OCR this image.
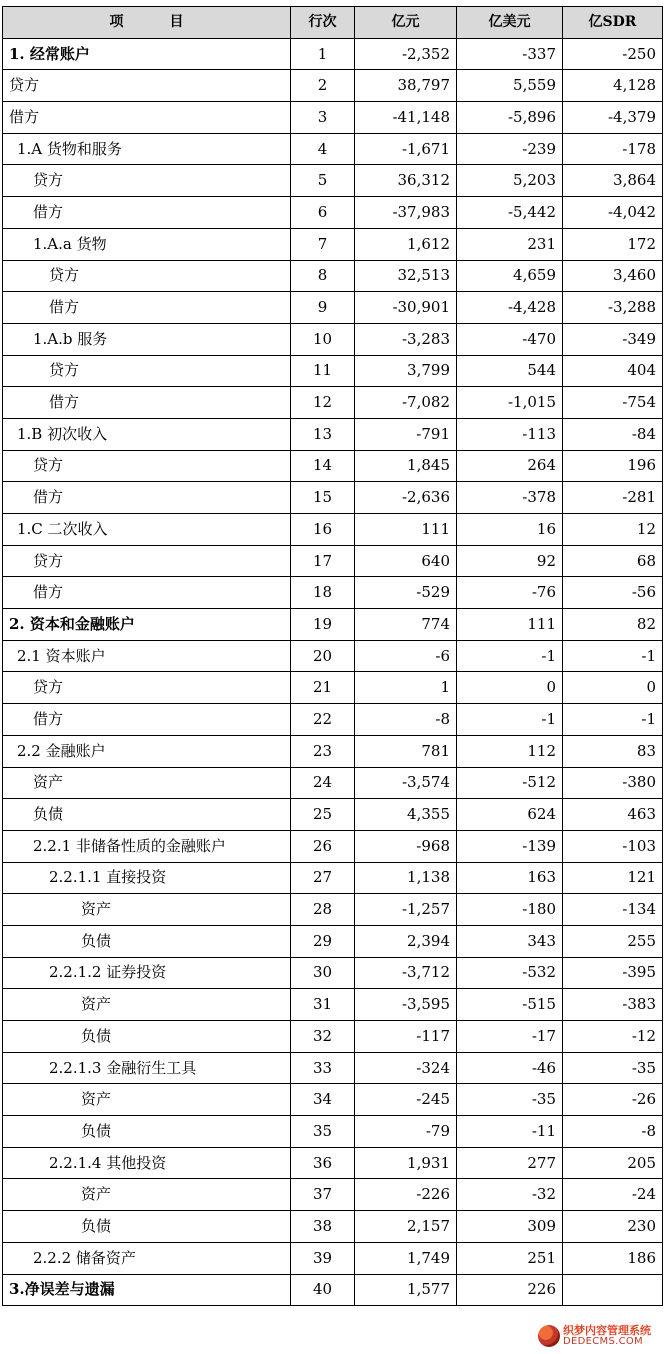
项 目	行次	亿元	亿美元	亿SDR
1. 经常账户	1	-2,352	-337	-250
贷方	2	38,797	5,559	4,128
借方	3	-41,148	-5,896	-4,379
1.A 货物和服务	4	-1,671	-239	-178
贷方	5	36,312	5,203	3,864
借方	6	-37,983	-5,442	-4,042
1.A.a 货物	7	1,612	231	172
贷方	8	32,513	4,659	3,460
借方	9	-30,901	-4,428	-3,288
1.A.b 服务	10	-3,283	-470	-349
贷方	11	3,799	544	404
借方	12	-7,082	-1,015	-754
1.B 初次收入	13	-791	-113	-84
贷方	14	1,845	264	196
借方	15	-2,636	-378	-281
1.C 二次收入	16	111	16	12
贷方	17	640	92	68
借方	18	-529	-76	-56
2. 资本和金融账户	19	774	111	82
2.1 资本账户	20	-6	-1	-1
贷方	21	1	0	0
借方	22	-8	-1	-1
2.2 金融账户	23	781	112	83
资产	24	-3,574	-512	-380
负债	25	4,355	624	463
2.2.1 非储备性质的金融账户	26	-968	-139	-103
2.2.1.1 直接投资	27	1,138	163	121
资产	28	-1,257	-180	-134
负债	29	2,394	343	255
2.2.1.2 证券投资	30	-3,712	-532	-395
资产	31	-3,595	-515	-383
负债	32	-117	-17	-12
2.2.1.3 金融衍生工具	33	-324	-46	-35
资产	34	-245	-35	-26
负债	35	-79	-11	-8
2.2.1.4 其他投资	36	1,931	277	205
资产	37	-226	-32	-24
负债	38	2,157	309	230
2.2.2 储备资产	39	1,749	251	186
3.净误差与遗漏	40	1,577	226	
织梦内容管理系统
DEDECMS.COM
